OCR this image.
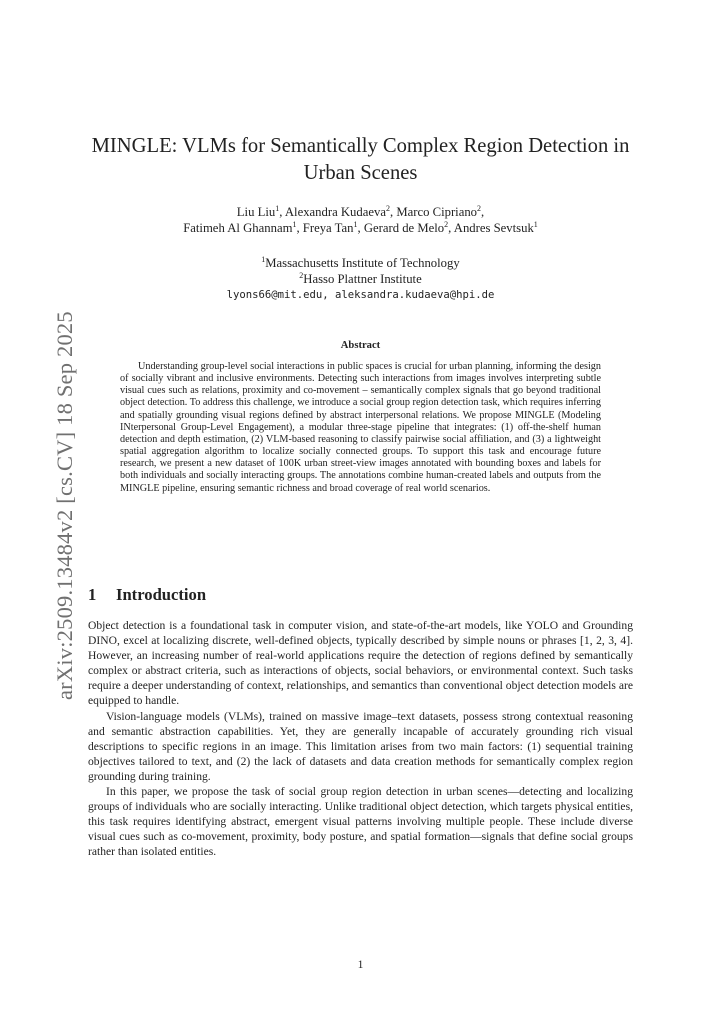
arXiv:2509.13484v2 [cs.CV] 18 Sep 2025
MINGLE: VLMs for Semantically Complex Region Detection in Urban Scenes
Liu Liu$^1$, Alexandra Kudaeva$^2$, Marco Cipriano$^2$,
Fatimeh Al Ghannam$^1$, Freya Tan$^1$, Gerard de Melo$^2$, Andres Sevtsuk$^1$
$^1$Massachusetts Institute of Technology
$^2$Hasso Plattner Institute
lyons66@mit.edu, aleksandra.kudaeva@hpi.de
Abstract

Understanding group-level social interactions in public spaces is crucial for urban planning, informing the design of socially vibrant and inclusive environments. Detecting such interactions from images involves interpreting subtle visual cues such as relations, proximity and co-movement – semantically complex signals that go beyond traditional object detection. To address this challenge, we introduce a social group region detection task, which requires inferring and spatially grounding visual regions defined by abstract interpersonal relations. We propose MINGLE (Modeling INterpersonal Group-Level Engagement), a modular three-stage pipeline that integrates: (1) off-the-shelf human detection and depth estimation, (2) VLM-based reasoning to classify pairwise social affiliation, and (3) a lightweight spatial aggregation algorithm to localize socially connected groups. To support this task and encourage future research, we present a new dataset of 100K urban street-view images annotated with bounding boxes and labels for both individuals and socially interacting groups. The annotations combine human-created labels and outputs from the MINGLE pipeline, ensuring semantic richness and broad coverage of real world scenarios.

1 Introduction

Object detection is a foundational task in computer vision, and state-of-the-art models, like YOLO and Grounding DINO, excel at localizing discrete, well-defined objects, typically described by simple nouns or phrases [1, 2, 3, 4]. However, an increasing number of real-world applications require the detection of regions defined by semantically complex or abstract criteria, such as interactions of objects, social behaviors, or environmental context. Such tasks require a deeper understanding of context, relationships, and semantics than conventional object detection models are equipped to handle.

Vision-language models (VLMs), trained on massive image–text datasets, possess strong contextual reasoning and semantic abstraction capabilities. Yet, they are generally incapable of accurately grounding rich visual descriptions to specific regions in an image. This limitation arises from two main factors: (1) sequential training objectives tailored to text, and (2) the lack of datasets and data creation methods for semantically complex region grounding during training.

In this paper, we propose the task of social group region detection in urban scenes—detecting and localizing groups of individuals who are socially interacting. Unlike traditional object detection, which targets physical entities, this task requires identifying abstract, emergent visual patterns involving multiple people. These include diverse visual cues such as co-movement, proximity, body posture, and spatial formation—signals that define social groups rather than isolated entities.

1
